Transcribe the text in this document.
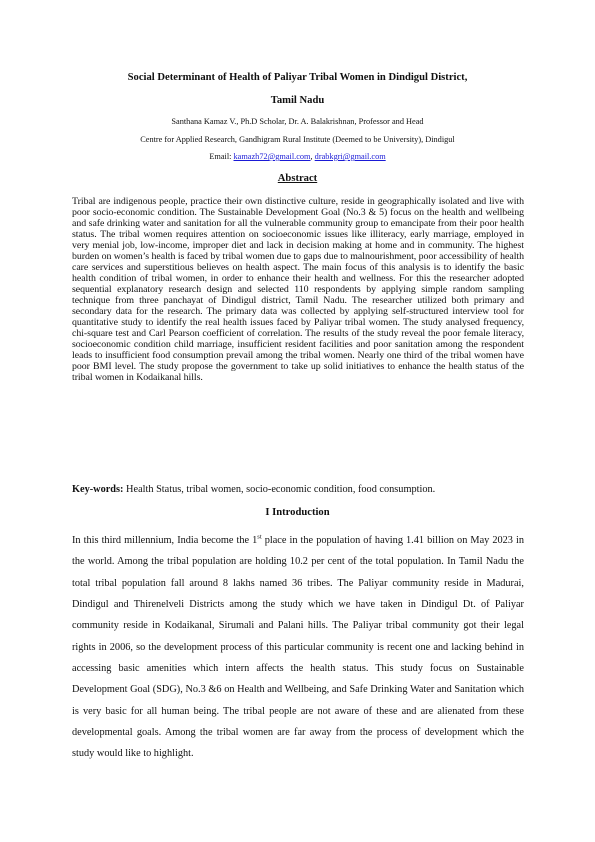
Social Determinant of Health of Paliyar Tribal Women in Dindigul District,
Tamil Nadu
Santhana Kamaz V., Ph.D Scholar, Dr. A. Balakrishnan, Professor and Head
Centre for Applied Research, Gandhigram Rural Institute (Deemed to be University), Dindigul
Email: kamazh72@gmail.com, drabkgri@gmail.com
Abstract

Tribal are indigenous people, practice their own distinctive culture, reside in geographically isolated and live with poor socio-economic condition. The Sustainable Development Goal (No.3 & 5) focus on the health and wellbeing and safe drinking water and sanitation for all the vulnerable community group to emancipate from their poor health status. The tribal women requires attention on socioeconomic issues like illiteracy, early marriage, employed in very menial job, low-income, improper diet and lack in decision making at home and in community. The highest burden on women’s health is faced by tribal women due to gaps due to malnourishment, poor accessibility of health care services and superstitious believes on health aspect. The main focus of this analysis is to identify the basic health condition of tribal women, in order to enhance their health and wellness. For this the researcher adopted sequential explanatory research design and selected 110 respondents by applying simple random sampling technique from three panchayat of Dindigul district, Tamil Nadu. The researcher utilized both primary and secondary data for the research. The primary data was collected by applying self-structured interview tool for quantitative study to identify the real health issues faced by Paliyar tribal women. The study analysed frequency, chi-square test and Carl Pearson coefficient of correlation. The results of the study reveal the poor female literacy, socioeconomic condition child marriage, insufficient resident facilities and poor sanitation among the respondent leads to insufficient food consumption prevail among the tribal women. Nearly one third of the tribal women have poor BMI level. The study propose the government to take up solid initiatives to enhance the health status of the tribal women in Kodaikanal hills.

Key-words: Health Status, tribal women, socio-economic condition, food consumption.

I Introduction

In this third millennium, India become the 1st place in the population of having 1.41 billion on May 2023 in the world. Among the tribal population are holding 10.2 per cent of the total population. In Tamil Nadu the total tribal population fall around 8 lakhs named 36 tribes. The Paliyar community reside in Madurai, Dindigul and Thirenelveli Districts among the study which we have taken in Dindigul Dt. of Paliyar community reside in Kodaikanal, Sirumali and Palani hills. The Paliyar tribal community got their legal rights in 2006, so the development process of this particular community is recent one and lacking behind in accessing basic amenities which intern affects the health status. This study focus on Sustainable Development Goal (SDG), No.3 &6 on Health and Wellbeing, and Safe Drinking Water and Sanitation which is very basic for all human being. The tribal people are not aware of these and are alienated from these developmental goals. Among the tribal women are far away from the process of development which the study would like to highlight.
